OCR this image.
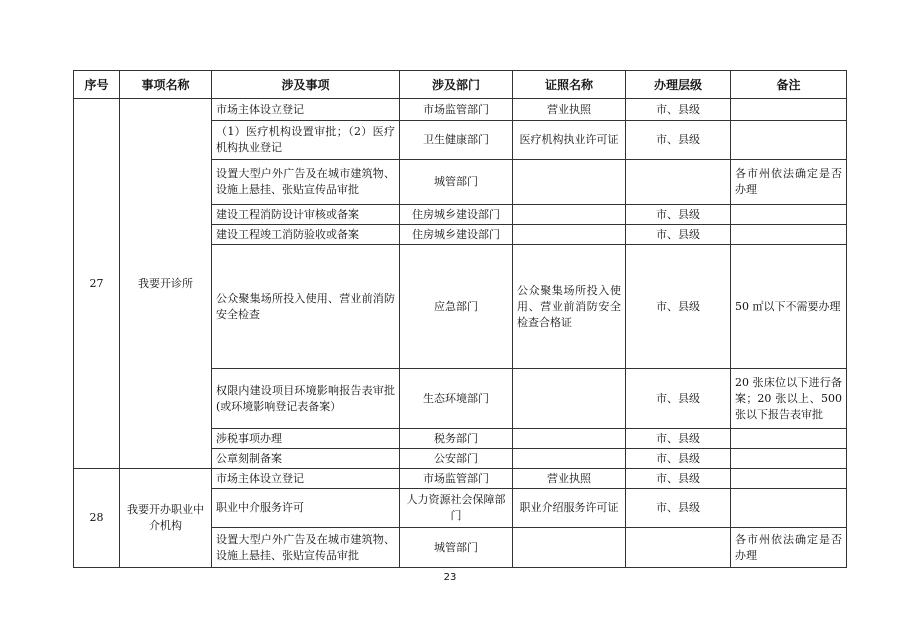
序号	事项名称	涉及事项	涉及部门	证照名称	办理层级	备注
27	我要开诊所	市场主体设立登记	市场监管部门	营业执照	市、县级	
		（1）医疗机构设置审批；（2）医疗机构执业登记	卫生健康部门	医疗机构执业许可证	市、县级	
		设置大型户外广告及在城市建筑物、设施上悬挂、张贴宣传品审批	城管部门			各市州依法确定是否办理
		建设工程消防设计审核或备案	住房城乡建设部门		市、县级	
		建设工程竣工消防验收或备案	住房城乡建设部门		市、县级	
		公众聚集场所投入使用、营业前消防安全检查	应急部门	公众聚集场所投入使用、营业前消防安全检查合格证	市、县级	50 ㎡以下不需要办理
		权限内建设项目环境影响报告表审批(或环境影响登记表备案）	生态环境部门		市、县级	20 张床位以下进行备案；20 张以上、500 张以下报告表审批
		涉税事项办理	税务部门		市、县级	
		公章刻制备案	公安部门		市、县级	
28	我要开办职业中介机构	市场主体设立登记	市场监管部门	营业执照	市、县级	
		职业中介服务许可	人力资源社会保障部门	职业介绍服务许可证	市、县级	
		设置大型户外广告及在城市建筑物、设施上悬挂、张贴宣传品审批	城管部门			各市州依法确定是否办理
23
